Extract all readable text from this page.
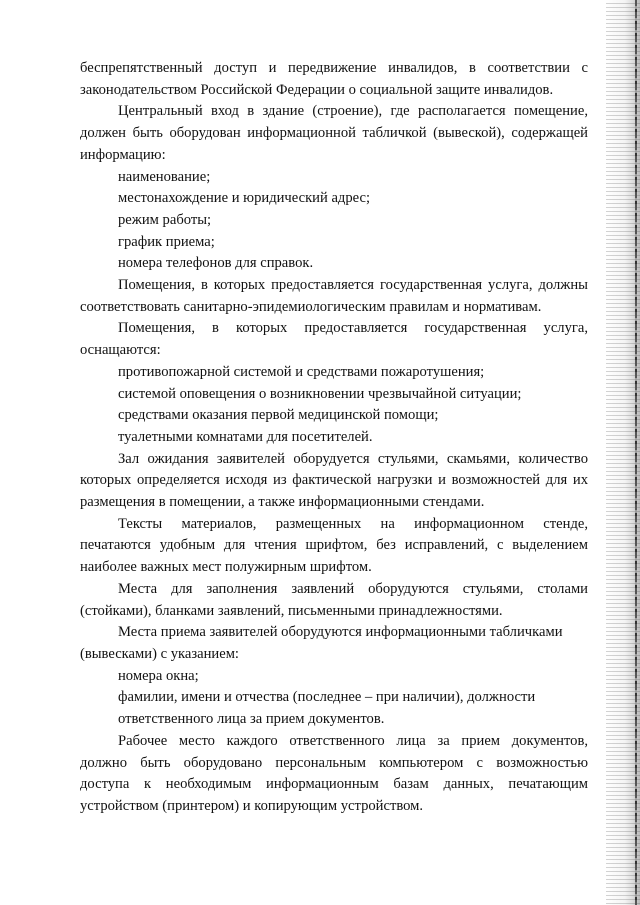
беспрепятственный доступ и передвижение инвалидов, в соответствии с
законодательством Российской Федерации о социальной защите инвалидов.

Центральный вход в здание (строение), где располагается помещение,
должен быть оборудован информационной табличкой (вывеской), содержащей
информацию:

наименование;

местонахождение и юридический адрес;

режим работы;

график приема;

номера телефонов для справок.

Помещения, в которых предоставляется государственная услуга, должны
соответствовать санитарно-эпидемиологическим правилам и нормативам.

Помещения, в которых предоставляется государственная услуга,
оснащаются:

противопожарной системой и средствами пожаротушения;

системой оповещения о возникновении чрезвычайной ситуации;

средствами оказания первой медицинской помощи;

туалетными комнатами для посетителей.

Зал ожидания заявителей оборудуется стульями, скамьями, количество
которых определяется исходя из фактической нагрузки и возможностей для их
размещения в помещении, а также информационными стендами.

Тексты материалов, размещенных на информационном стенде,
печатаются удобным для чтения шрифтом, без исправлений, с выделением
наиболее важных мест полужирным шрифтом.

Места для заполнения заявлений оборудуются стульями, столами
(стойками), бланками заявлений, письменными принадлежностями.

Места приема заявителей оборудуются информационными табличками
(вывесками) с указанием:

номера окна;

фамилии, имени и отчества (последнее – при наличии), должности

ответственного лица за прием документов.

Рабочее место каждого ответственного лица за прием документов,
должно быть оборудовано персональным компьютером с возможностью
доступа к необходимым информационным базам данных, печатающим
устройством (принтером) и копирующим устройством.
